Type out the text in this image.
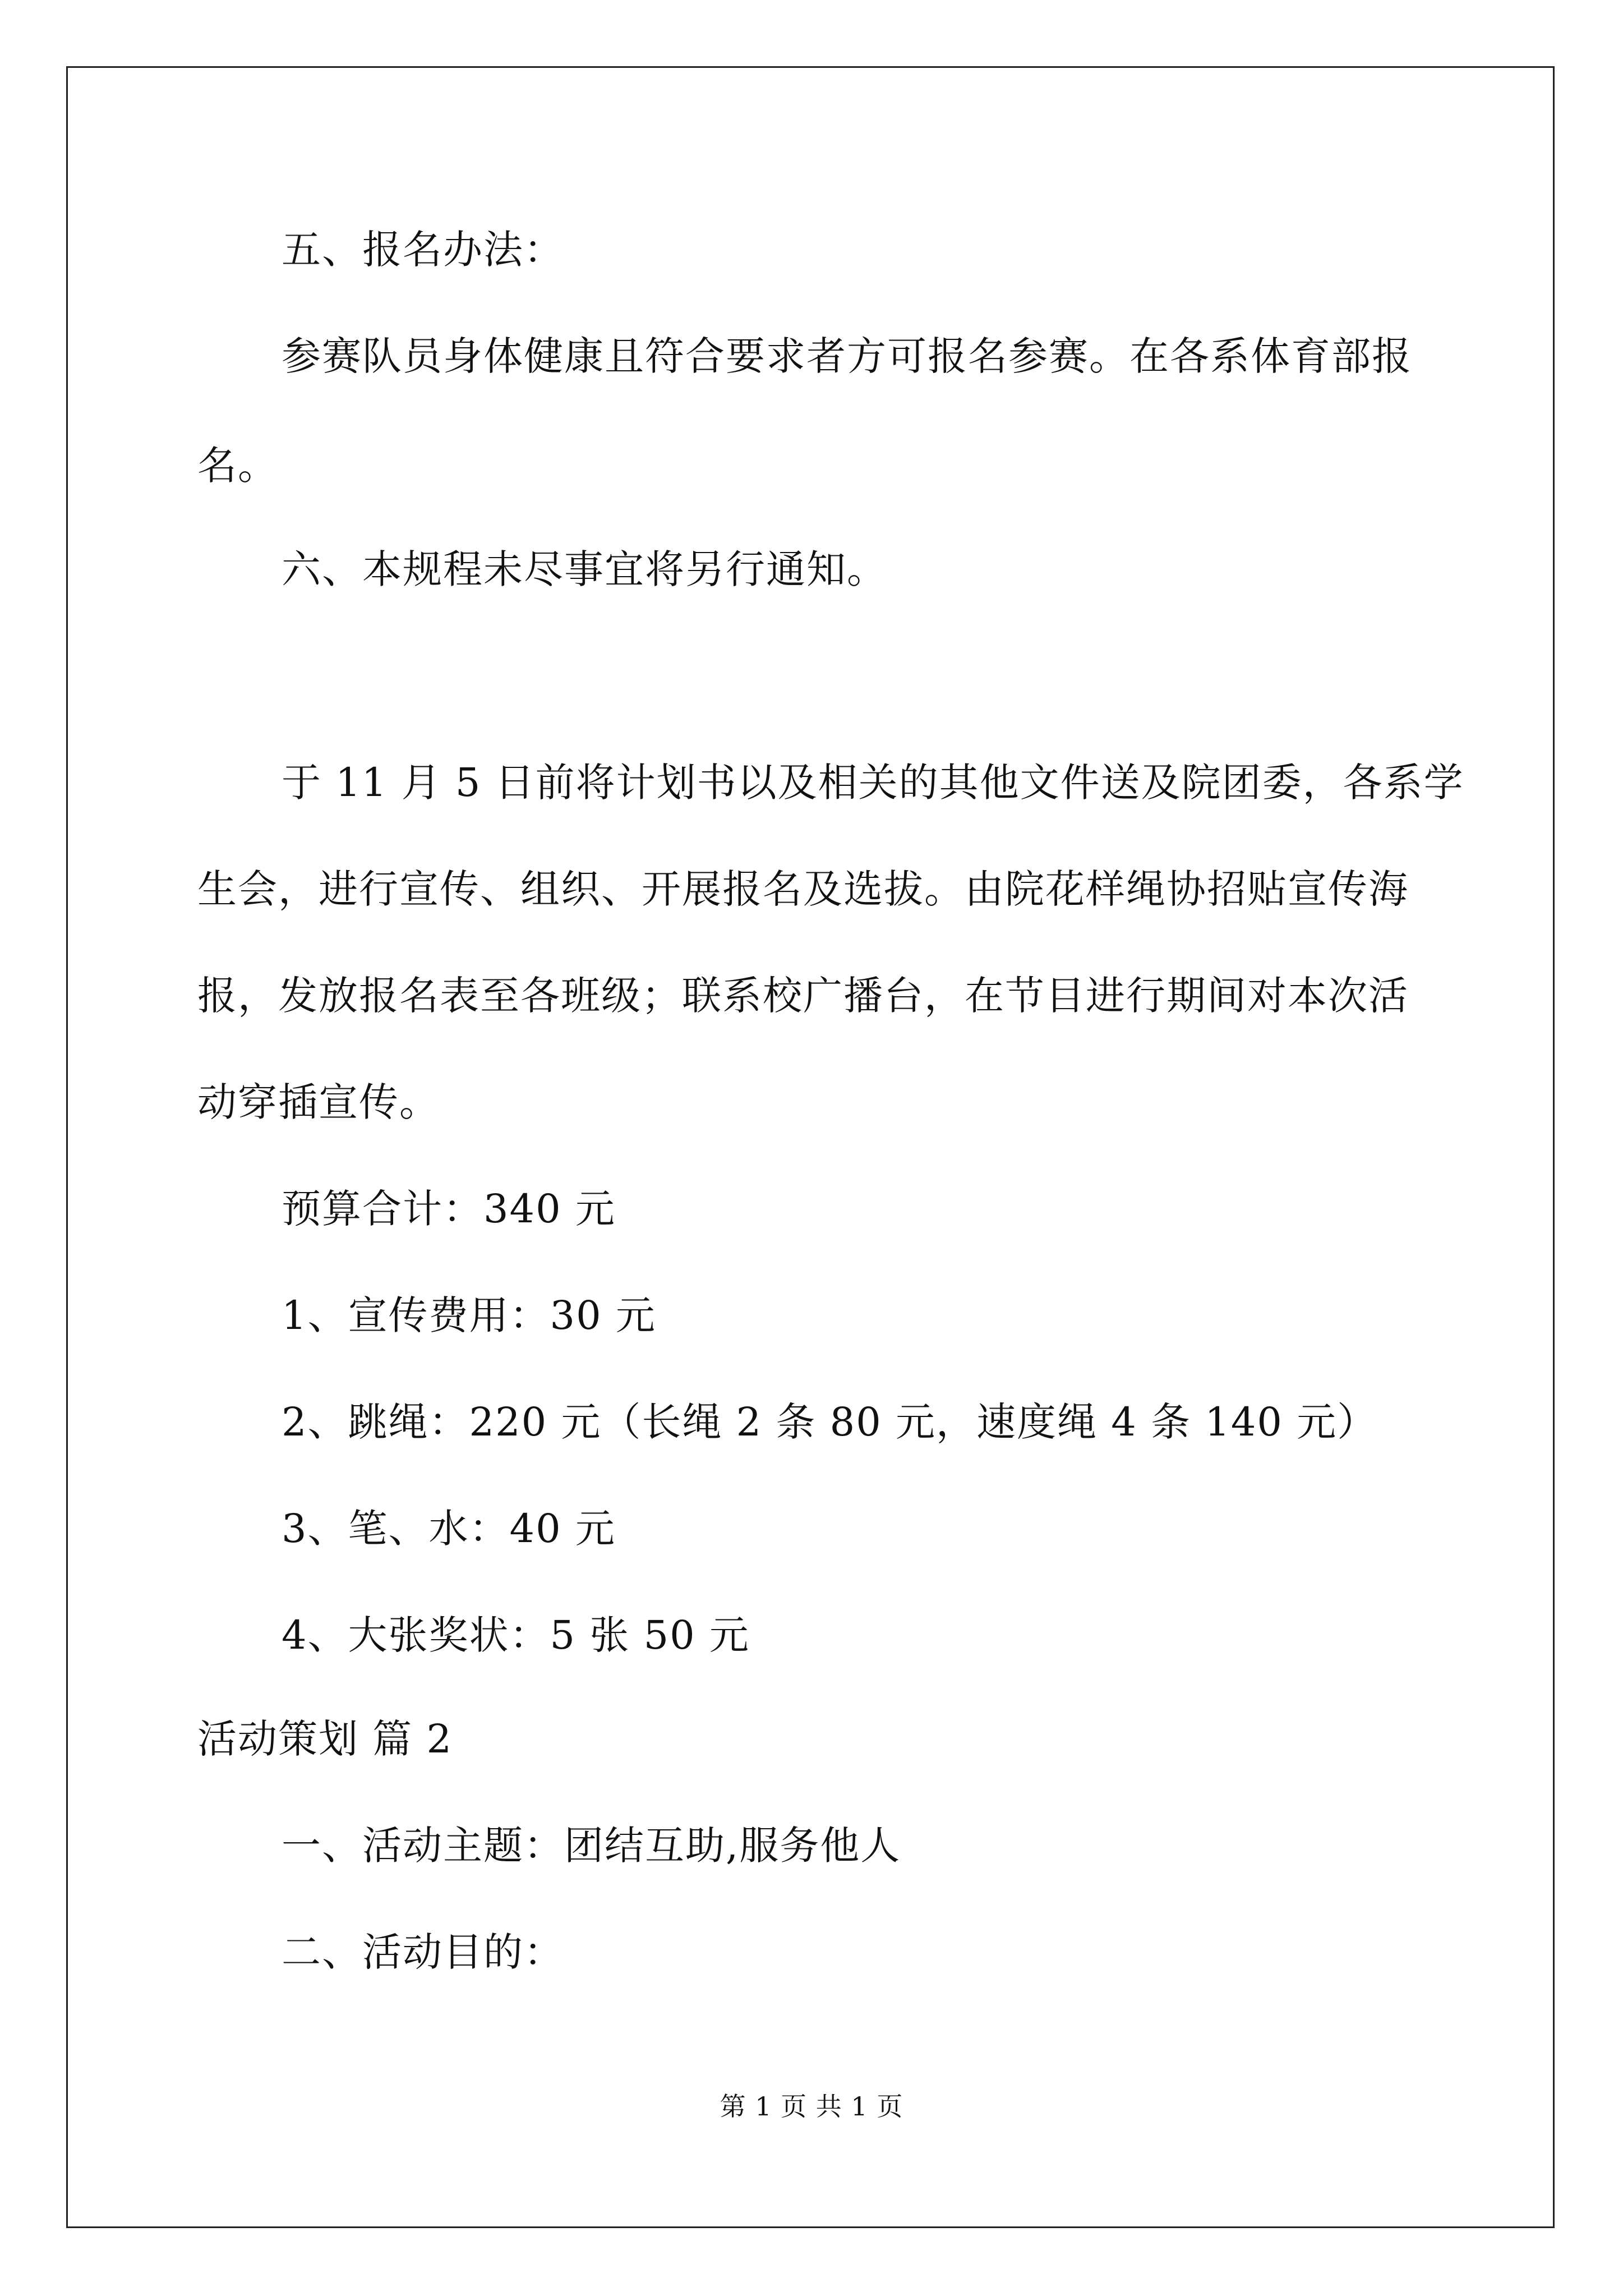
五、报名办法：
参赛队员身体健康且符合要求者方可报名参赛。在各系体育部报
名。
六、本规程未尽事宜将另行通知。
于 11 月 5 日前将计划书以及相关的其他文件送及院团委，各系学
生会，进行宣传、组织、开展报名及选拔。由院花样绳协招贴宣传海
报，发放报名表至各班级；联系校广播台，在节目进行期间对本次活
动穿插宣传。
预算合计：340 元
1、宣传费用：30 元
2、跳绳：220 元（长绳 2 条 80 元，速度绳 4 条 140 元）
3、笔、水：40 元
4、大张奖状：5 张 50 元
活动策划 篇 2
一、活动主题：团结互助,服务他人
二、活动目的：
第 1 页 共 1 页
